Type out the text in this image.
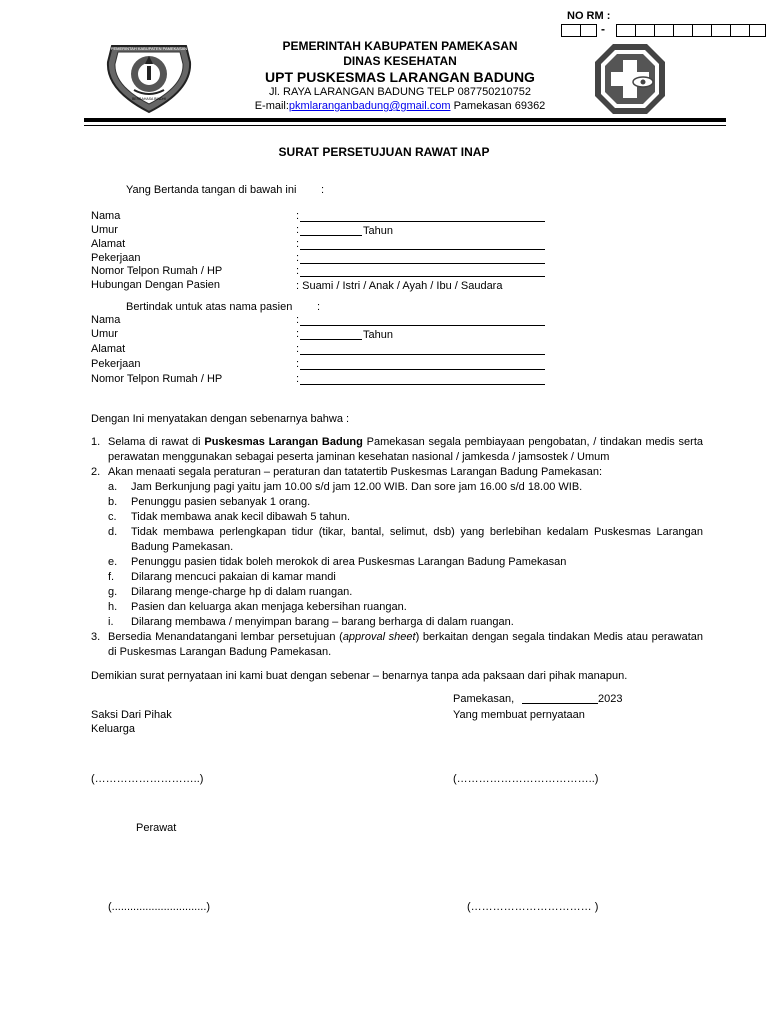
NO RM :
-
PEMERINTAH KABUPATEN PAMEKASAN
BERBAHASA BINDHI
PEMERINTAH KABUPATEN PAMEKASAN
DINAS KESEHATAN
UPT PUSKESMAS LARANGAN BADUNG
Jl. RAYA LARANGAN BADUNG TELP 087750210752
E-mail:pkmlaranganbadung@gmail.com Pamekasan 69362
SURAT PERSETUJUAN RAWAT INAP
Yang Bertanda tangan di bawah ini :
Nama	:
Umur	:	Tahun
Alamat	:
Pekerjaan	:
Nomor Telpon Rumah / HP	:
Hubungan Dengan Pasien	: Suami / Istri / Anak / Ayah / Ibu / Saudara
Bertindak untuk atas nama pasien :
Nama	:
Umur	:	Tahun
Alamat	:
Pekerjaan	:
Nomor Telpon Rumah / HP	:
Dengan Ini menyatakan dengan sebenarnya bahwa :
1. Selama di rawat di Puskesmas Larangan Badung Pamekasan segala pembiayaan pengobatan, / tindakan medis serta perawatan menggunakan sebagai peserta jaminan kesehatan nasional / jamkesda / jamsostek / Umum
2. Akan menaati segala peraturan – peraturan dan tatatertib Puskesmas Larangan Badung Pamekasan:
a. Jam Berkunjung pagi yaitu jam 10.00 s/d jam 12.00 WIB. Dan sore jam 16.00 s/d 18.00 WIB.
b. Penunggu pasien sebanyak 1 orang.
c. Tidak membawa anak kecil dibawah 5 tahun.
d. Tidak membawa perlengkapan tidur (tikar, bantal, selimut, dsb) yang berlebihan kedalam Puskesmas Larangan Badung Pamekasan.
e. Penunggu pasien tidak boleh merokok di area Puskesmas Larangan Badung Pamekasan
f. Dilarang mencuci pakaian di kamar mandi
g. Dilarang menge-charge hp di dalam ruangan.
h. Pasien dan keluarga akan menjaga kebersihan ruangan.
i. Dilarang membawa / menyimpan barang – barang berharga di dalam ruangan.
3. Bersedia Menandatangani lembar persetujuan (approval sheet) berkaitan dengan segala tindakan Medis atau perawatan di Puskesmas Larangan Badung Pamekasan.
Demikian surat pernyataan ini kami buat dengan sebenar – benarnya tanpa ada paksaan dari pihak manapun.
Pamekasan,	2023
Yang membuat pernyataan
Saksi Dari Pihak
Keluarga
(………………………..)	(………………………………..)
Perawat
(...............................)	(…………………………… )
